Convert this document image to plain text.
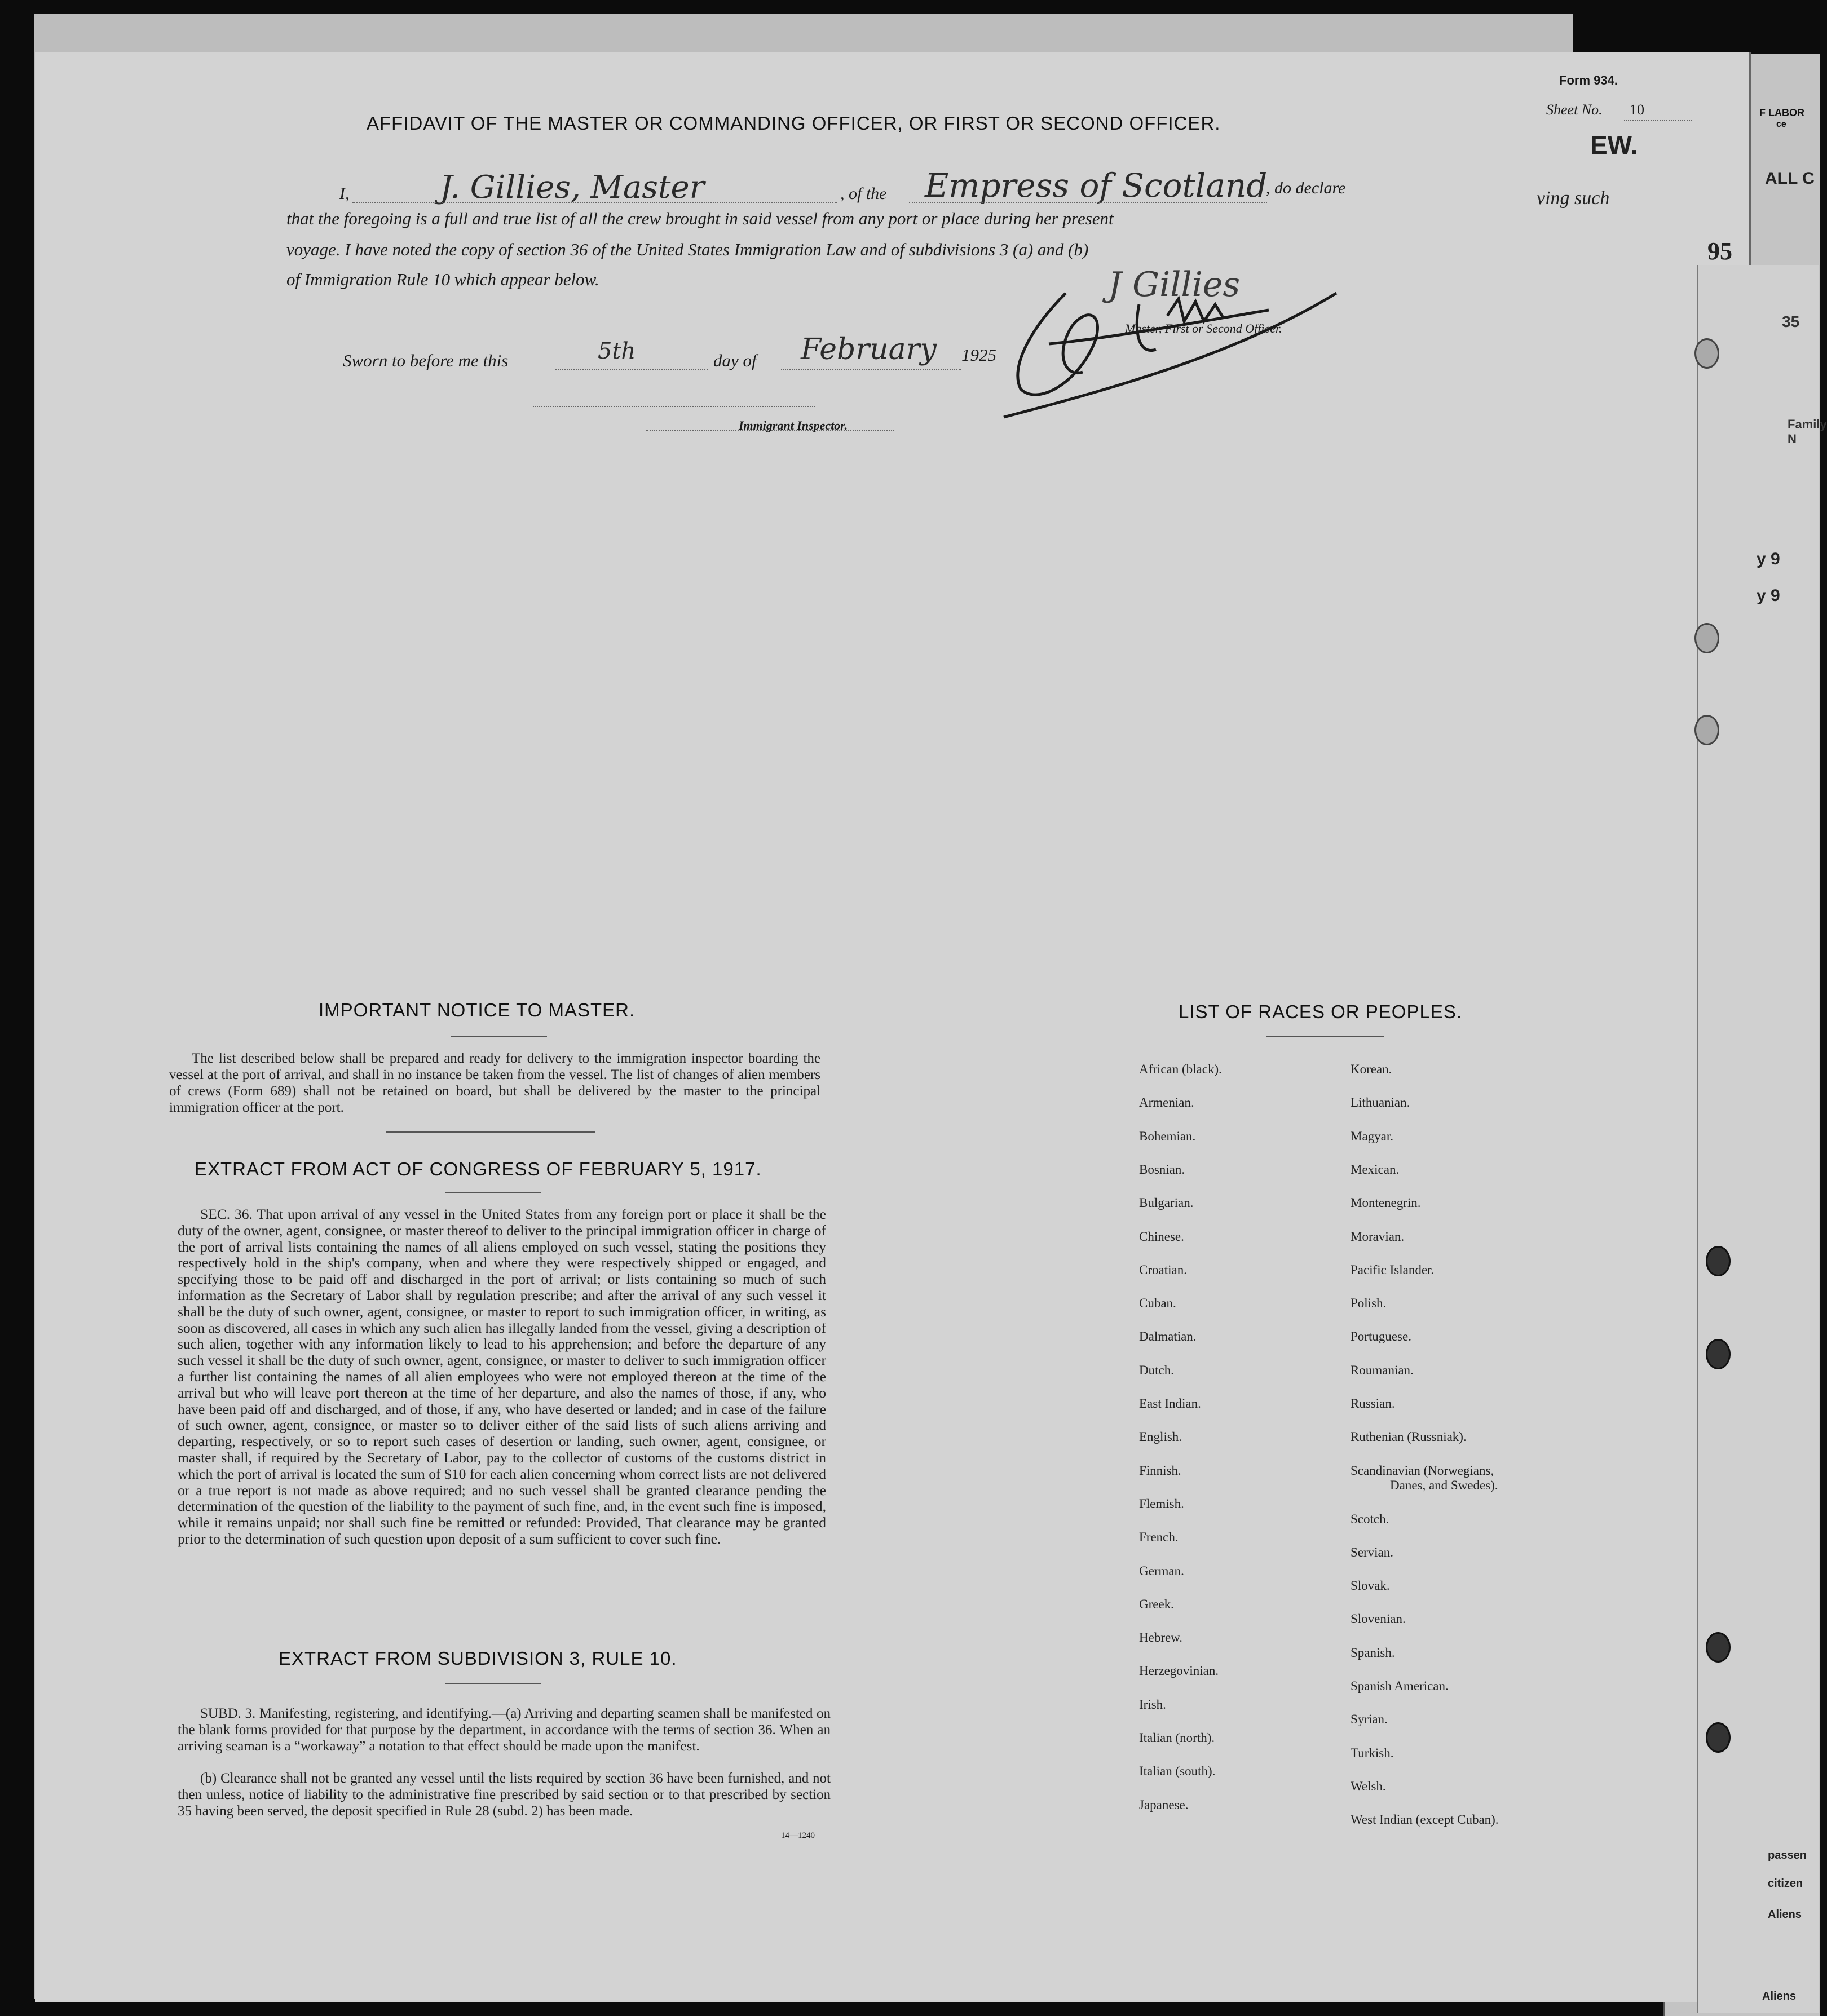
EW.
ALL C
ving such
95
35
Family N
y 9
y 9
passen
citizen
Aliens
Aliens
F LABOR
ce
Form 934.
Sheet No. 10
AFFIDAVIT OF THE MASTER OR COMMANDING OFFICER, OR FIRST OR SECOND OFFICER.
I,	J. Gillies, Master	, of the Empress of Scotland
, do declare
that the foregoing is a full and true list of all the crew brought in said vessel from any port or place during her present
voyage. I have noted the copy of section 36 of the United States Immigration Law and of subdivisions 3 (a) and (b)
of Immigration Rule 10 which appear below.	J Gillies
Master, First or Second Officer.
Sworn to before me this	5th	day of February 1925
Immigrant Inspector.
IMPORTANT NOTICE TO MASTER.
The list described below shall be prepared and ready for delivery to the immigration inspector boarding the vessel at the port of arrival, and shall in no instance be taken from the vessel. The list of changes of alien members of crews (Form 689) shall not be retained on board, but shall be delivered by the master to the principal immigration officer at the port.
EXTRACT FROM ACT OF CONGRESS OF FEBRUARY 5, 1917.
SEC. 36. That upon arrival of any vessel in the United States from any foreign port or place it shall be the duty of the owner, agent, consignee, or master thereof to deliver to the principal immigration officer in charge of the port of arrival lists containing the names of all aliens employed on such vessel, stating the positions they respectively hold in the ship's company, when and where they were respectively shipped or engaged, and specifying those to be paid off and discharged in the port of arrival; or lists containing so much of such information as the Secretary of Labor shall by regulation prescribe; and after the arrival of any such vessel it shall be the duty of such owner, agent, consignee, or master to report to such immigration officer, in writing, as soon as discovered, all cases in which any such alien has illegally landed from the vessel, giving a description of such alien, together with any information likely to lead to his apprehension; and before the departure of any such vessel it shall be the duty of such owner, agent, consignee, or master to deliver to such immigration officer a further list containing the names of all alien employees who were not employed thereon at the time of the arrival but who will leave port thereon at the time of her departure, and also the names of those, if any, who have been paid off and discharged, and of those, if any, who have deserted or landed; and in case of the failure of such owner, agent, consignee, or master so to deliver either of the said lists of such aliens arriving and departing, respectively, or so to report such cases of desertion or landing, such owner, agent, consignee, or master shall, if required by the Secretary of Labor, pay to the collector of customs of the customs district in which the port of arrival is located the sum of $10 for each alien concerning whom correct lists are not delivered or a true report is not made as above required; and no such vessel shall be granted clearance pending the determination of the question of the liability to the payment of such fine, and, in the event such fine is imposed, while it remains unpaid; nor shall such fine be remitted or refunded: Provided, That clearance may be granted prior to the determination of such question upon deposit of a sum sufficient to cover such fine.
EXTRACT FROM SUBDIVISION 3, RULE 10.
SUBD. 3. Manifesting, registering, and identifying.—(a) Arriving and departing seamen shall be manifested on the blank forms provided for that purpose by the department, in accordance with the terms of section 36. When an arriving seaman is a “workaway” a notation to that effect should be made upon the manifest.
(b) Clearance shall not be granted any vessel until the lists required by section 36 have been furnished, and not then unless, notice of liability to the administrative fine prescribed by said section or to that prescribed by section 35 having been served, the deposit specified in Rule 28 (subd. 2) has been made.
14—1240
LIST OF RACES OR PEOPLES.
African (black).
Armenian.
Bohemian.
Bosnian.
Bulgarian.
Chinese.
Croatian.
Cuban.
Dalmatian.
Dutch.
East Indian.
English.
Finnish.
Flemish.
French.
German.
Greek.
Hebrew.
Herzegovinian.
Irish.
Italian (north).
Italian (south).
Japanese.
Korean.
Lithuanian.
Magyar.
Mexican.
Montenegrin.
Moravian.
Pacific Islander.
Polish.
Portuguese.
Roumanian.
Russian.
Ruthenian (Russniak).
Scandinavian (Norwegians,
Danes, and Swedes).
Scotch.
Servian.
Slovak.
Slovenian.
Spanish.
Spanish American.
Syrian.
Turkish.
Welsh.
West Indian (except Cuban).
